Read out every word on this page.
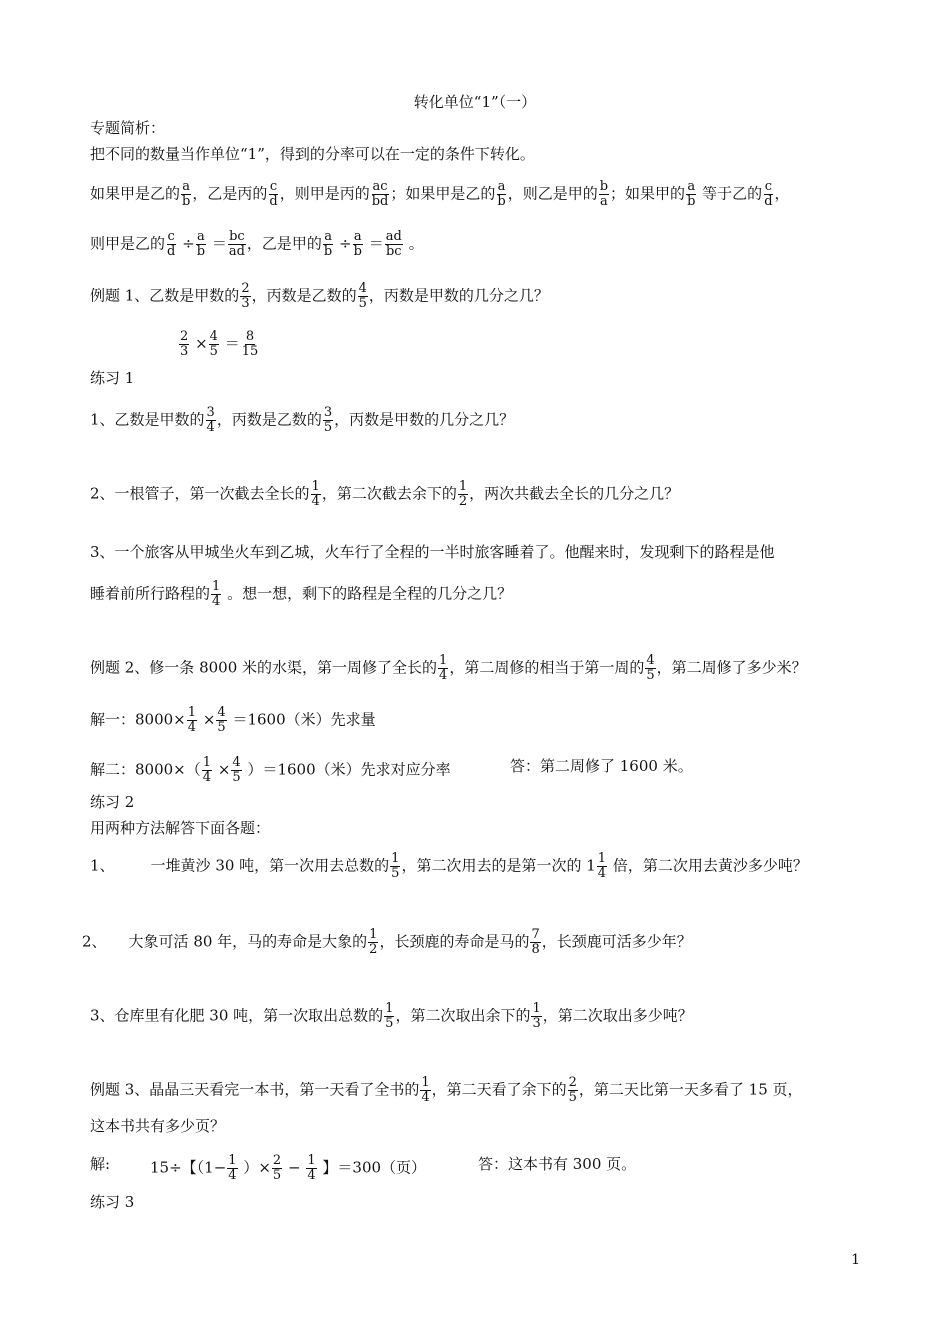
转化单位“1”（一）
专题简析：
把不同的数量当作单位“1”，得到的分率可以在一定的条件下转化。
如果甲是乙的 $\frac{a}{b}$ ，乙是丙的 $\frac{c}{d}$ ，则甲是丙的 $\frac{ac}{bd}$ ；如果甲是乙的 $\frac{a}{b}$ ，则乙是甲的 $\frac{b}{a}$ ；如果甲的 $\frac{a}{b}$ 等于乙的 $\frac{c}{d}$ ，
则甲是乙的 $\frac{c}{d} \div \frac{a}{b} = \frac{bc}{ad}$ ，乙是甲的 $\frac{a}{b} \div \frac{a}{b} = \frac{ad}{bc}$ 。
例题 1、乙数是甲数的 $\frac{2}{3}$ ，丙数是乙数的 $\frac{4}{5}$ ，丙数是甲数的几分之几？
$\frac{2}{3} \times \frac{4}{5} = \frac{8}{15}$
练习 1
1、乙数是甲数的 $\frac{3}{4}$ ，丙数是乙数的 $\frac{3}{5}$ ，丙数是甲数的几分之几？
2、一根管子，第一次截去全长的 $\frac{1}{4}$ ，第二次截去余下的 $\frac{1}{2}$ ，两次共截去全长的几分之几？
3、一个旅客从甲城坐火车到乙城，火车行了全程的一半时旅客睡着了。他醒来时，发现剩下的路程是他
睡着前所行路程的 $\frac{1}{4}$ 。想一想，剩下的路程是全程的几分之几？
例题 2、修一条 8000 米的水渠，第一周修了全长的 $\frac{1}{4}$ ，第二周修的相当于第一周的 $\frac{4}{5}$ ，第二周修了多少米？
解一：$8000\times \frac{1}{4} \times \frac{4}{5} =1600$（米）先求量
解二：$8000\times( \frac{1}{4} \times \frac{4}{5} )=1600$（米）先求对应分率	答：第二周修了 1600 米。
练习 2
用两种方法解答下面各题：
1、 一堆黄沙 30 吨，第一次用去总数的 $\frac{1}{5}$ ，第二次用去的是第一次的 $1 \frac{1}{4}$ 倍，第二次用去黄沙多少吨？
2、 大象可活 80 年，马的寿命是大象的 $\frac{1}{2}$ ，长颈鹿的寿命是马的 $\frac{7}{8}$ ，长颈鹿可活多少年？
3、仓库里有化肥 30 吨，第一次取出总数的 $\frac{1}{5}$ ，第二次取出余下的 $\frac{1}{3}$ ，第二次取出多少吨？
例题 3、晶晶三天看完一本书，第一天看了全书的 $\frac{1}{4}$ ，第二天看了余下的 $\frac{2}{5}$ ，第二天比第一天多看了 15 页，
这本书共有多少页？
解:	15÷【（$1- \frac{1}{4}$ ）× $\frac{2}{5} - \frac{1}{4}$ 】＝300（页）	答：这本书有 300 页。
练习 3
1
